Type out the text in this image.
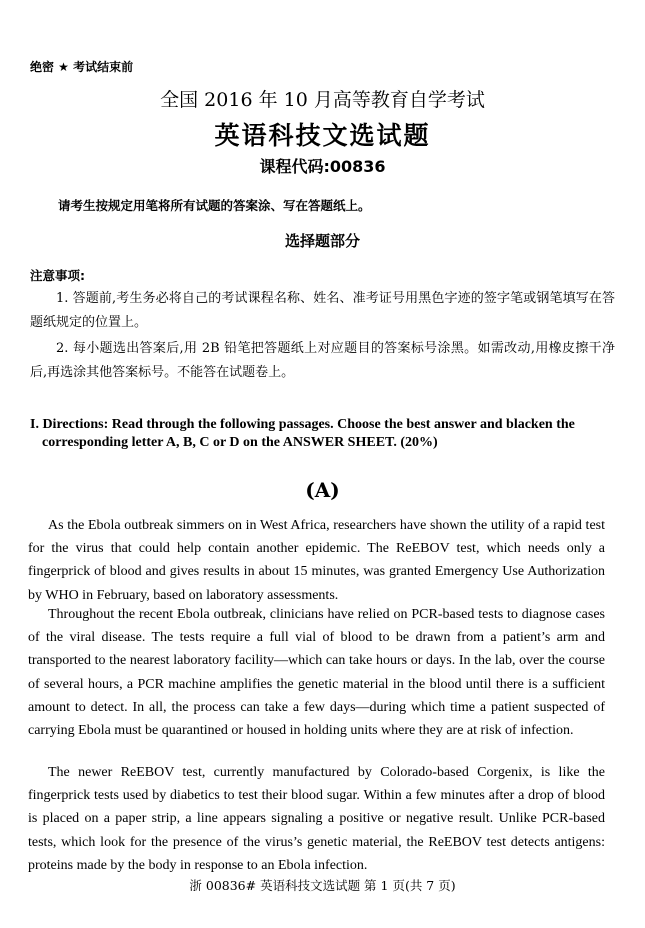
绝密 ★ 考试结束前
全国 2016 年 10 月高等教育自学考试
英语科技文选试题
课程代码:00836
请考生按规定用笔将所有试题的答案涂、写在答题纸上。
选择题部分
注意事项:
1. 答题前,考生务必将自己的考试课程名称、姓名、准考证号用黑色字迹的签字笔或钢笔填写在答题纸规定的位置上。
2. 每小题选出答案后,用 2B 铅笔把答题纸上对应题目的答案标号涂黑。如需改动,用橡皮擦干净后,再选涂其他答案标号。不能答在试题卷上。
I. Directions: Read through the following passages. Choose the best answer and blacken the
corresponding letter A, B, C or D on the ANSWER SHEET. (20%)
(A)
As the Ebola outbreak simmers on in West Africa, researchers have shown the utility of a rapid test for the virus that could help contain another epidemic. The ReEBOV test, which needs only a fingerprick of blood and gives results in about 15 minutes, was granted Emergency Use Authorization by WHO in February, based on laboratory assessments.
Throughout the recent Ebola outbreak, clinicians have relied on PCR-based tests to diagnose cases of the viral disease. The tests require a full vial of blood to be drawn from a patient’s arm and transported to the nearest laboratory facility—which can take hours or days. In the lab, over the course of several hours, a PCR machine amplifies the genetic material in the blood until there is a sufficient amount to detect. In all, the process can take a few days—during which time a patient suspected of carrying Ebola must be quarantined or housed in holding units where they are at risk of infection.
The newer ReEBOV test, currently manufactured by Colorado-based Corgenix, is like the fingerprick tests used by diabetics to test their blood sugar. Within a few minutes after a drop of blood is placed on a paper strip, a line appears signaling a positive or negative result. Unlike PCR-based tests, which look for the presence of the virus’s genetic material, the ReEBOV test detects antigens: proteins made by the body in response to an Ebola infection.
浙 00836# 英语科技文选试题 第 1 页(共 7 页)
